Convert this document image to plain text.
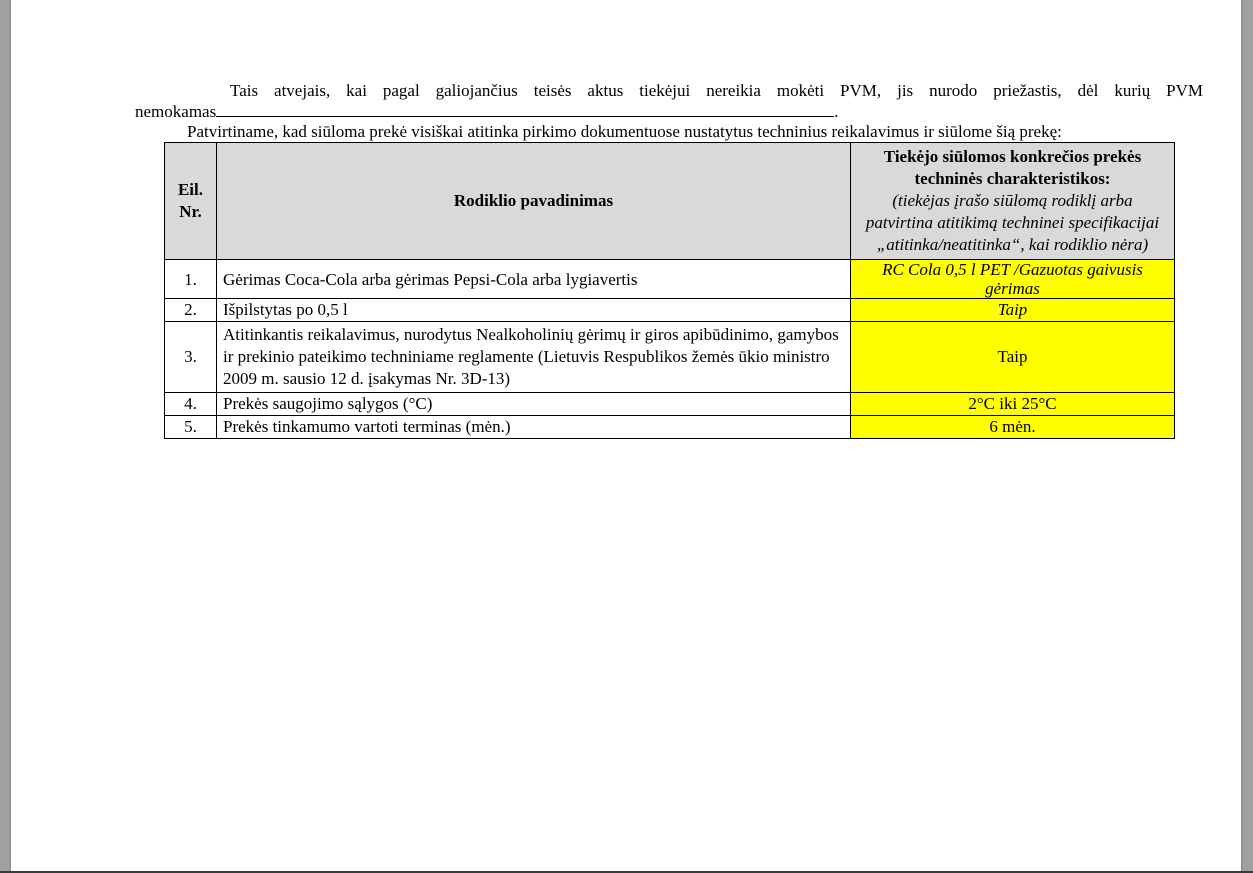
Tais atvejais, kai pagal galiojančius teisės aktus tiekėjui nereikia mokėti PVM, jis nurodo priežastis, dėl kurių PVM
nemokamas	.
Patvirtiname, kad siūloma prekė visiškai atitinka pirkimo dokumentuose nustatytus techninius reikalavimus ir siūlome šią prekę:
Eil. Nr.	Rodiklio pavadinimas	Tiekėjo siūlomos konkrečios prekės techninės charakteristikos:
(tiekėjas įrašo siūlomą rodiklį arba patvirtina atitikimą techninei specifikacijai „atitinka/neatitinka“, kai rodiklio nėra)

1.	Gėrimas Coca-Cola arba gėrimas Pepsi-Cola arba lygiavertis	RC Cola 0,5 l PET /Gazuotas gaivusis gėrimas
2.	Išpilstytas po 0,5 l	Taip
3.	Atitinkantis reikalavimus, nurodytus Nealkoholinių gėrimų ir giros apibūdinimo, gamybos ir prekinio pateikimo techniniame reglamente (Lietuvis Respublikos žemės ūkio ministro 2009 m. sausio 12 d. įsakymas Nr. 3D-13)	Taip
4.	Prekės saugojimo sąlygos (°C)	2°C iki 25°C
5.	Prekės tinkamumo vartoti terminas (mėn.)	6 mėn.
